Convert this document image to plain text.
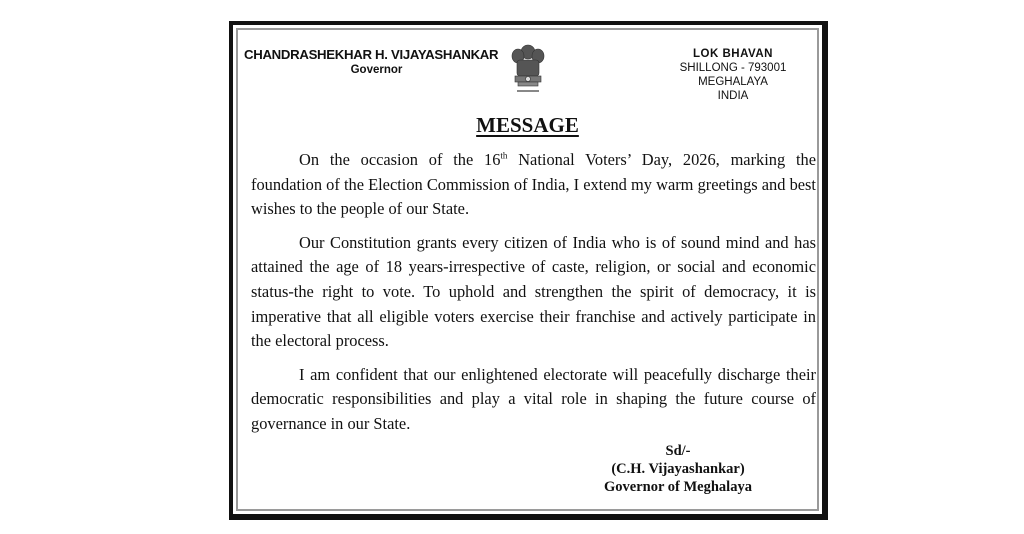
CHANDRASHEKHAR H. VIJAYASHANKAR
Governor
LOK BHAVAN
SHILLONG - 793001
MEGHALAYA
INDIA
MESSAGE

On the occasion of the 16th National Voters’ Day, 2026, marking the foundation of the Election Commission of India, I extend my warm greetings and best wishes to the people of our State.

Our Constitution grants every citizen of India who is of sound mind and has attained the age of 18 years-irrespective of caste, religion, or social and economic status-the right to vote. To uphold and strengthen the spirit of democracy, it is imperative that all eligible voters exercise their franchise and actively participate in the electoral process.

I am confident that our enlightened electorate will peacefully discharge their democratic responsibilities and play a vital role in shaping the future course of governance in our State.

Sd/-
(C.H. Vijayashankar)
Governor of Meghalaya
